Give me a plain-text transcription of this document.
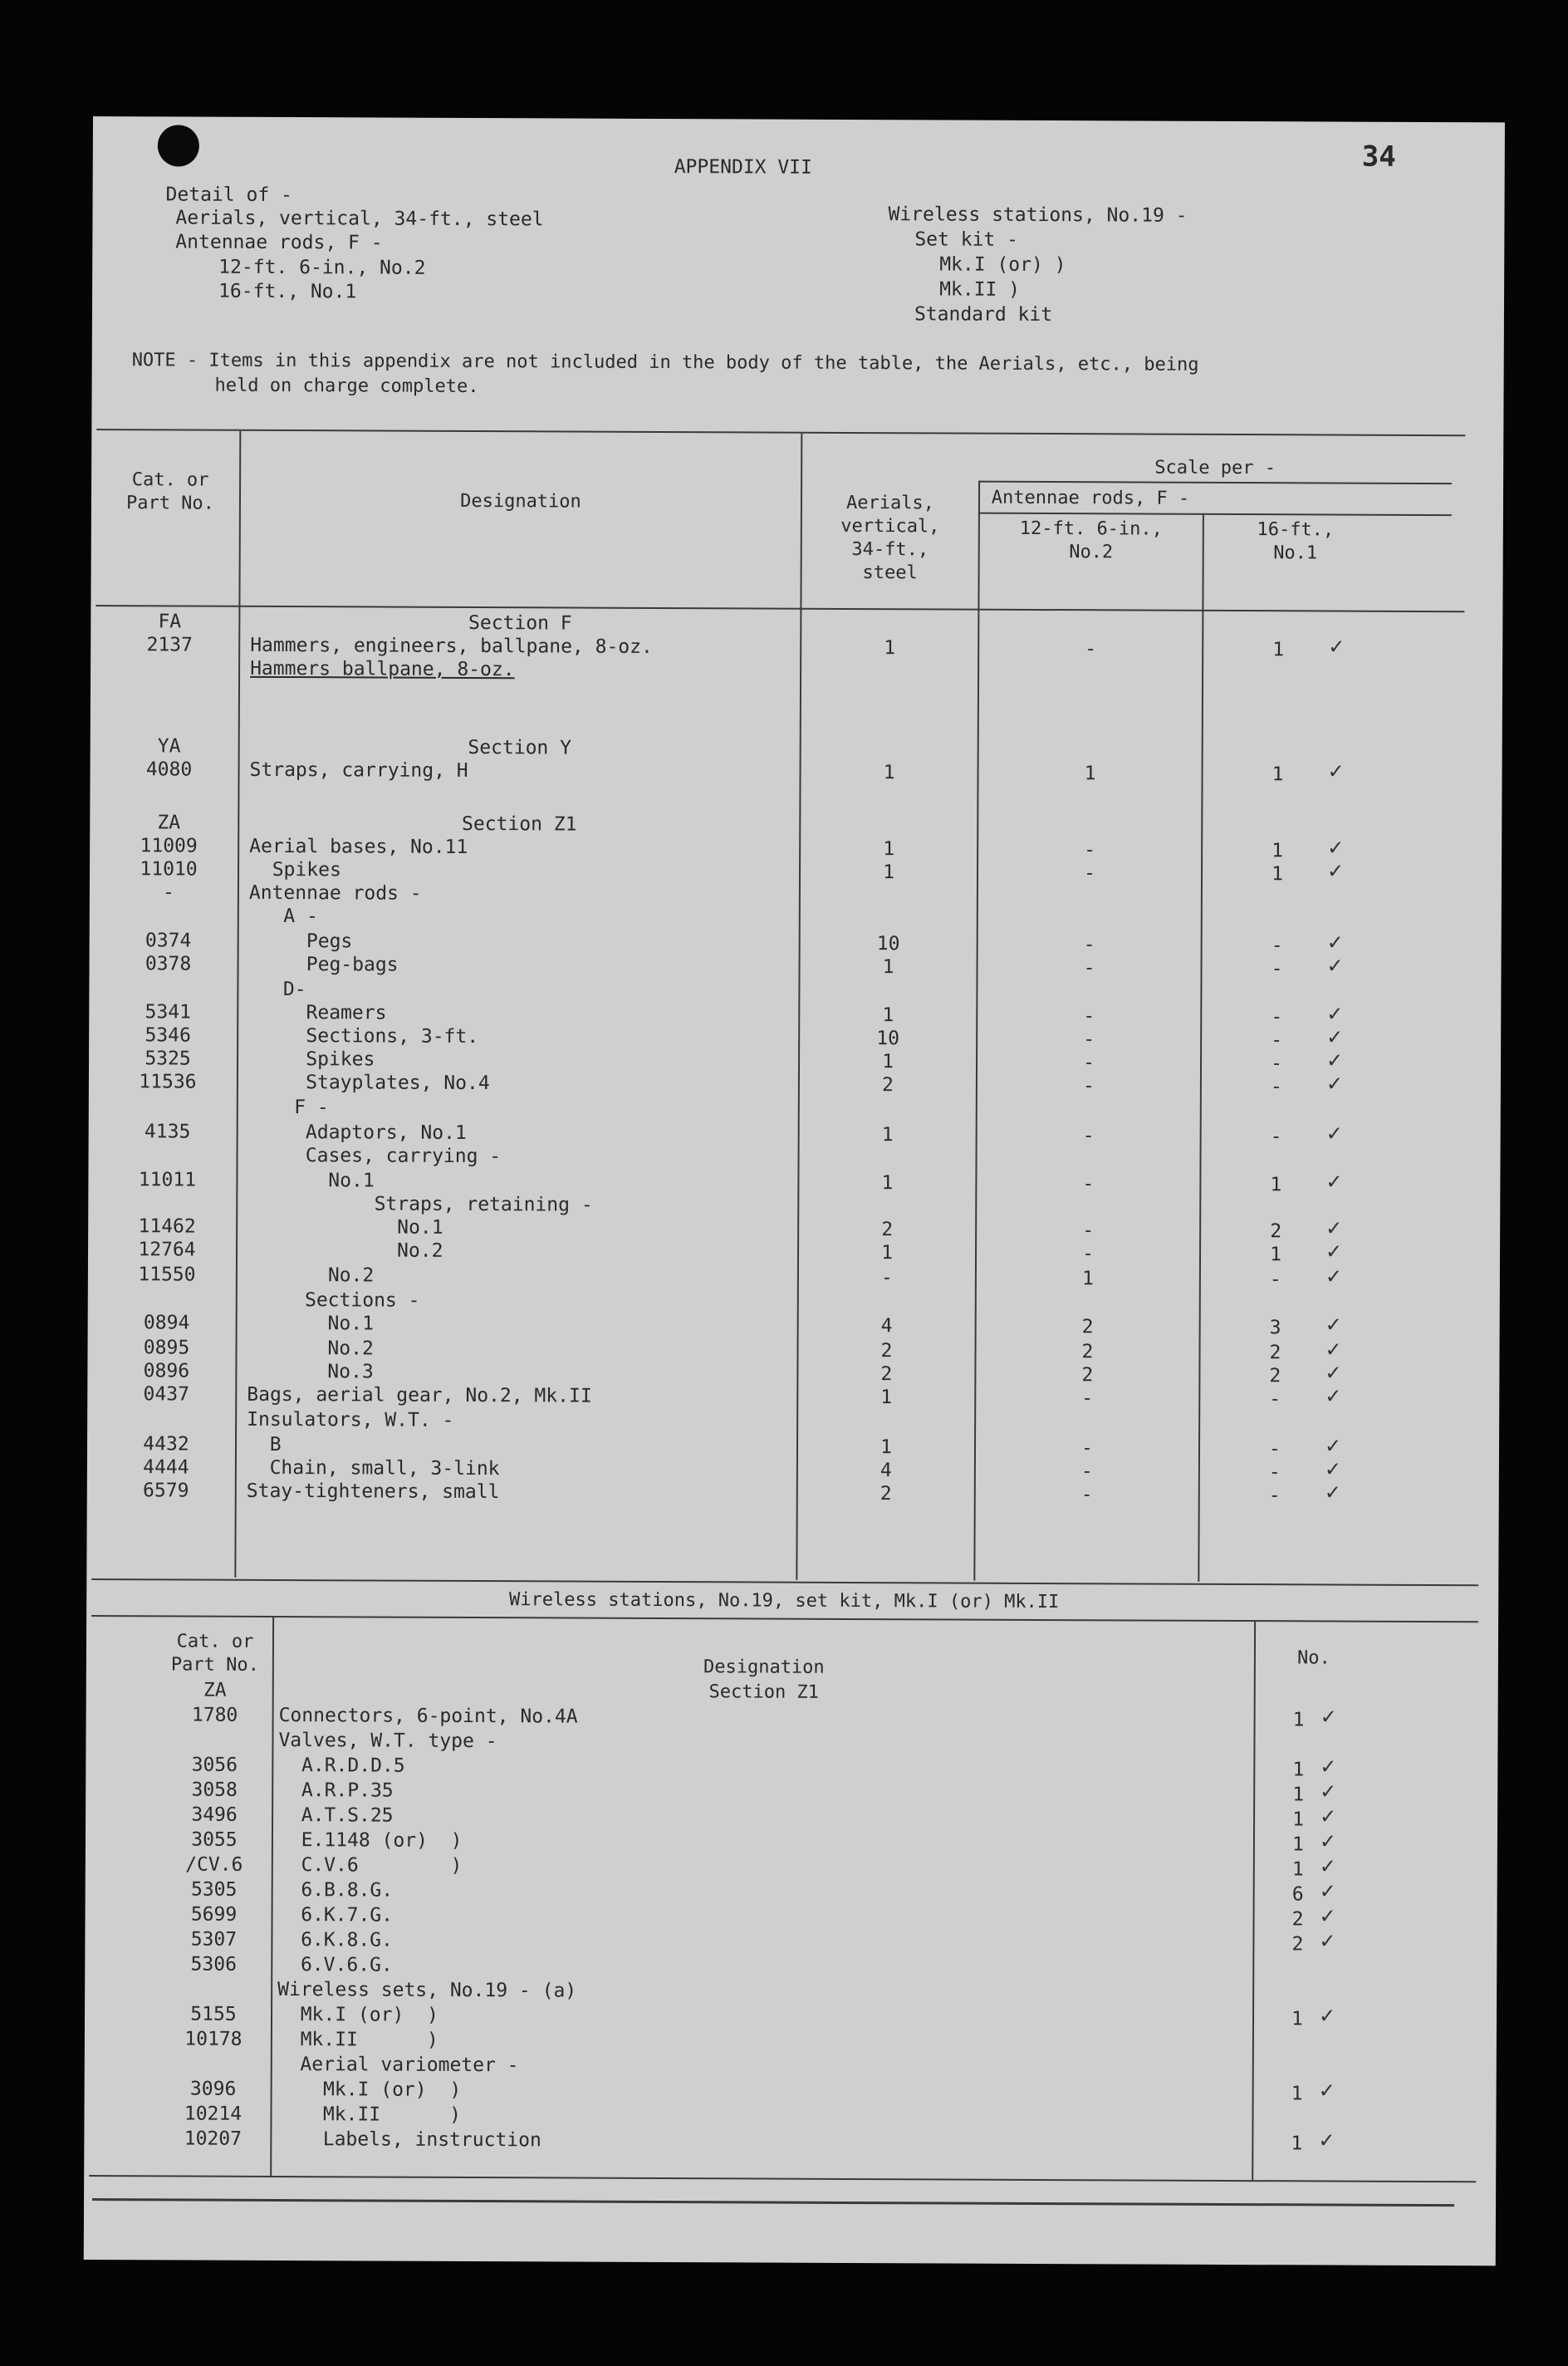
APPENDIX VII	34
Detail of -
Aerials, vertical, 34-ft., steel
Antennae rods, F -
12-ft. 6-in., No.2
16-ft., No.1
Wireless stations, No.19 -
Set kit -
Mk.I (or) )
Mk.II )
Standard kit
NOTE - Items in this appendix are not included in the body of the table, the Aerials, etc., being
held on charge complete.
Cat. or
Part No.	Designation
Scale per -
Antennae rods, F -
Aerials,
vertical,
34-ft.,
steel
12-ft. 6-in.,
No.2
16-ft.,
No.1
FA	Section F
2137	Hammers, engineers, ballpane, 8-oz.	1	-	1	✓
Hammers ballpane, 8-oz.
YA	Section Y
4080	Straps, carrying, H	1	1	1	✓
ZA	Section Z1
11009	Aerial bases, No.11	1	-	1	✓
11010	Spikes	1	-	1	✓
-	Antennae rods -
A -
0374	Pegs	10	-	-	✓
0378	Peg-bags	1	-	-	✓
D-
5341	Reamers	1	-	-	✓
5346	Sections, 3-ft.	10	-	-	✓
5325	Spikes	1	-	-	✓
11536	Stayplates, No.4	2	-	-	✓
F -
4135	Adaptors, No.1	1	-	-	✓
Cases, carrying -
11011	No.1	1	-	1	✓
Straps, retaining -
11462	No.1	2	-	2	✓
12764	No.2	1	-	1	✓
11550	No.2	-	1	-	✓
Sections -
0894	No.1	4	2	3	✓
0895	No.2	2	2	2	✓
0896	No.3	2	2	2	✓
0437	Bags, aerial gear, No.2, Mk.II	1	-	-	✓
Insulators, W.T. -
4432	B	1	-	-	✓
4444	Chain, small, 3-link	4	-	-	✓
6579	Stay-tighteners, small	2	-	-	✓
Wireless stations, No.19, set kit, Mk.I (or) Mk.II
Cat. or
Part No.	Designation
Section Z1
No.
ZA
1780	Connectors, 6-point, No.4A	1 ✓
Valves, W.T. type -
3056	A.R.D.D.5	1 ✓
3058	A.R.P.35	1 ✓
3496	A.T.S.25	1 ✓
3055	E.1148 (or)  )	1 ✓
/CV.6	C.V.6        )	1 ✓
5305	6.B.8.G.	6 ✓
5699	6.K.7.G.	2 ✓
5307	6.K.8.G.	2 ✓
5306	6.V.6.G.
Wireless sets, No.19 - (a)
5155	Mk.I (or)  )	1 ✓
10178	Mk.II      )
Aerial variometer -
3096	Mk.I (or)  )	1 ✓
10214	Mk.II      )
10207	Labels, instruction	1 ✓
